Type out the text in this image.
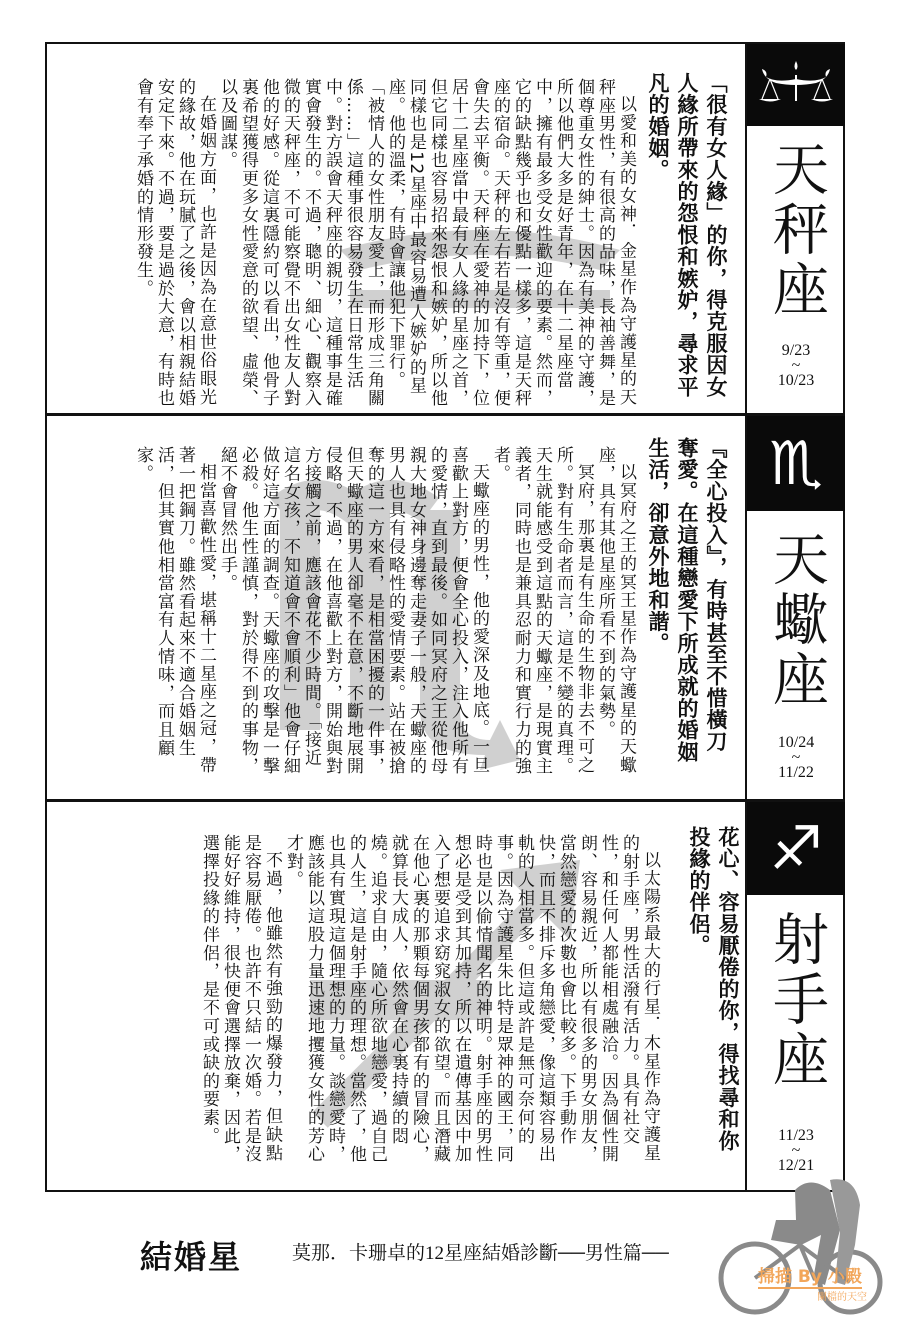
天秤座
9/23
~
10/23
「很有女人緣」的你，得克服因女人緣所帶來的怨恨和嫉妒，尋求平凡的婚姻。

以愛和美的女神．金星作為守護星的天秤座男性，有很高的品味，長袖善舞，是個尊重女性的紳士。因為有美神的守護，所以他們大多是好青年，在十二星座當中，擁有最多受女性歡迎的要素。然而，它的缺點幾乎也和優點一樣多，這是天秤座的宿命。天秤的左右若是沒有等重，便會失去平衡。天秤座在愛神的加持下，位居十二星座當中最有女人緣的星座之首，但它同樣也容易招來怨恨和嫉妒，所以他同樣也是12星座中最容易遭人嫉妒的星座。他的溫柔，有時會讓他犯下罪行。「被情人的女性朋友愛上，而形成三角關係……」這種事很容易發生在日常生活中。對方誤會天秤座的親切，這種事是確實會發生的。不過，聰明、細心、觀察入微的天秤座，不可能察覺不出女性友人對他的好感。從這裏隱約可以看出，他骨子裏希望獲得更多女性愛意的欲望、虛榮、以及圖謀。

在婚姻方面，也許是因為在意世俗眼光的緣故，他在玩膩了之後，會以相親結婚安定下來。不過，要是過於大意，有時也會有奉子承婚的情形發生。

♏
天蠍座
10/24
~
11/22
『全心投入』，有時甚至不惜橫刀奪愛。在這種戀愛下所成就的婚姻生活，卻意外地和諧。

以冥府之王的冥王星作為守護星的天蠍座，具有其他星座所看不到的氣勢。

冥府，那裏是有生命的生物非去不可之所。對有生命者而言，這是不變的真理。天生就能感受到這點的天蠍座，是現實主義者，同時也是兼具忍耐力和實行力的強者。

天蠍座的男性，他的愛深及地底。一旦喜歡上對方，便會全心投入，注入他所有的愛情，直到最後。如同冥府之王從他母親大地女神身邊奪走妻子一般，天蠍座的男人也具有侵略性的愛情要素。站在被搶奪的這一方來看，是相當困擾的一件事，但天蠍座的男人卻毫不在意，不斷地展開侵略。不過，在他喜歡上對方，開始與對方接觸之前，應該會花不少時間。「接近這名女孩，不知道會不會順利」他會仔細做好這方面的調查。天蠍座的攻擊是一擊必殺。他生性謹慎，對於得不到的事物，絕不會冒然出手。

相當喜歡性愛，堪稱十二星座之冠，帶著一把鋼刀。雖然看起來不適合婚姻生活，但其實他相當富有人情味，而且顧家。

♐
射手座
11/23
~
12/21
花心、容易厭倦的你，得找尋和你投緣的伴侶。

以太陽系最大的行星．木星作為守護星的射手座，男性活潑有活力。具有社交性，和任何人都能相處融洽。因為個性開朗、容易親近，所以有很多的男女朋友，當然戀愛的次數也會比較多。下手動作快，而且不排斥多角戀愛，像這類容易出軌的人相當多。但這或許是無可奈何的事。因為守護星朱比特是眾神的國王，同時也是以偷情聞名的神明。射手座的男性想必是受到其加持，所以在遺傳基因中加入了想要追求窈窕淑女的欲望。而且潛藏在他心裏的那顆每個男孩都有的冒險心，就算長大成人，依然會在心裏持續的悶燒。追求自由，隨心所欲地戀愛，過自己的人生，這是射手座的理想。當然了，他也具有實現這個理想的力量。談戀愛時，應該能以這股力量迅速地攫獲女性的芳心才對。

不過，他雖然有強勁的爆發力，但缺點是容易厭倦。也許不只結一次婚。若是沒能好好維持，很快便會選擇放棄，因此，選擇投緣的伴侶，是不可或缺的要素。

結婚星	莫那．卡珊卓的12星座結婚診斷──男性篇──
掃描 By 小殿
闌檔的天空
